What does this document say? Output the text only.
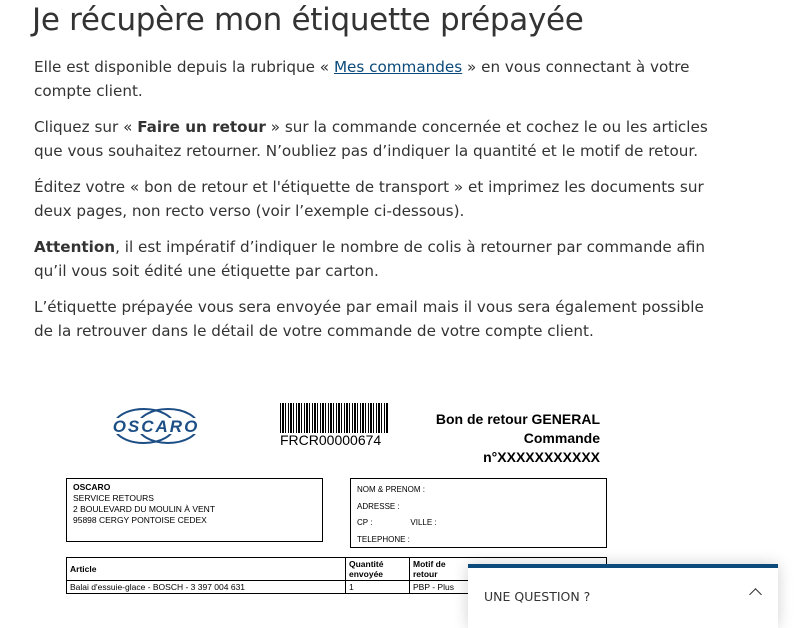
Je récupère mon étiquette prépayée

Elle est disponible depuis la rubrique « Mes commandes » en vous connectant à votre compte client.

Cliquez sur « Faire un retour » sur la commande concernée et cochez le ou les articles que vous souhaitez retourner. N’oubliez pas d’indiquer la quantité et le motif de retour.

Éditez votre « bon de retour et l'étiquette de transport » et imprimez les documents sur deux pages, non recto verso (voir l’exemple ci-dessous).

Attention, il est impératif d’indiquer le nombre de colis à retourner par commande afin qu’il vous soit édité une étiquette par carton.

L’étiquette prépayée vous sera envoyée par email mais il vous sera également possible de la retrouver dans le détail de votre commande de votre compte client.

OSCARO
FRCR00000674
Bon de retour GENERAL
Commande
n°XXXXXXXXXXX
OSCARO
SERVICE RETOURS
2 BOULEVARD DU MOULIN À VENT
95898 CERGY PONTOISE CEDEX
NOM & PRENOM :
ADRESSE :
CP :	VILLE :
TELEPHONE :
Article	Quantité envoyée	Motif de retour
Balai d'essuie-glace - BOSCH - 3 397 004 631	1	PBP - Plus
UNE QUESTION ?
